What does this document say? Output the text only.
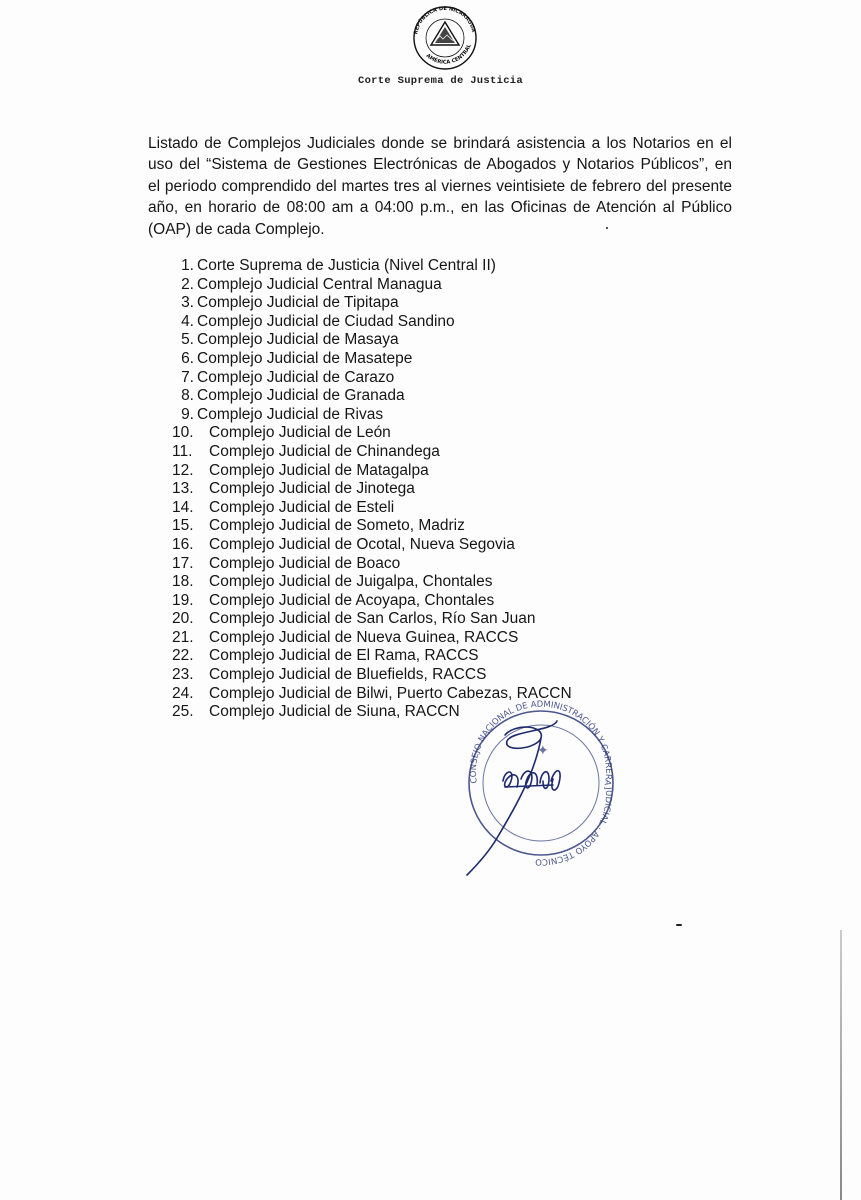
REPÚBLICA DE NICARAGUA
AMÉRICA CENTRAL
Corte Suprema de Justicia
Listado de Complejos Judiciales donde se brindará asistencia a los Notarios en el
uso del “Sistema de Gestiones Electrónicas de Abogados y Notarios Públicos”, en
el periodo comprendido del martes tres al viernes veintisiete de febrero del presente
año, en horario de 08:00 am a 04:00 p.m., en las Oficinas de Atención al Público
(OAP) de cada Complejo.
1. Corte Suprema de Justicia (Nivel Central II)
2. Complejo Judicial Central Managua
3. Complejo Judicial de Tipitapa
4. Complejo Judicial de Ciudad Sandino
5. Complejo Judicial de Masaya
6. Complejo Judicial de Masatepe
7. Complejo Judicial de Carazo
8. Complejo Judicial de Granada
9. Complejo Judicial de Rivas
10. Complejo Judicial de León
11.	Complejo Judicial de Chinandega
12. Complejo Judicial de Matagalpa
13. Complejo Judicial de Jinotega
14. Complejo Judicial de Esteli
15. Complejo Judicial de Someto, Madriz
16. Complejo Judicial de Ocotal, Nueva Segovia
17. Complejo Judicial de Boaco
18. Complejo Judicial de Juigalpa, Chontales
19. Complejo Judicial de Acoyapa, Chontales
20. Complejo Judicial de San Carlos, Río San Juan
21. Complejo Judicial de Nueva Guinea, RACCS
22. Complejo Judicial de El Rama, RACCS
23. Complejo Judicial de Bluefields, RACCS
24. Complejo Judicial de Bilwi, Puerto Cabezas, RACCN
25. Complejo Judicial de Siuna, RACCN
CONSEJO NACIONAL DE ADMINISTRACIÓN Y CARRERA JUDICIAL · APOYO TÉCNICO
✦
